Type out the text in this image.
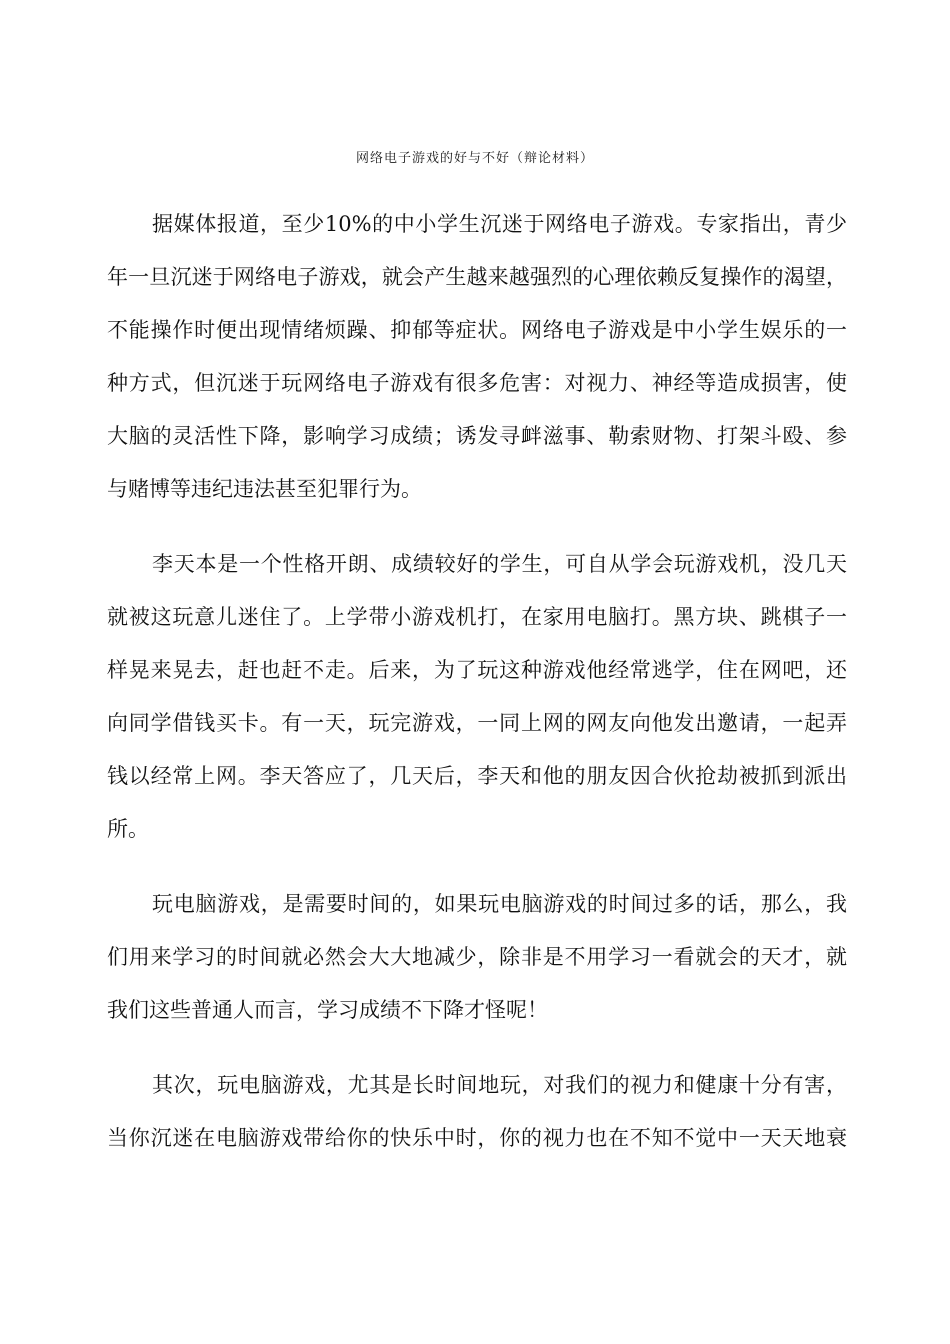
网络电子游戏的好与不好（辩论材料）
据媒体报道，至少10%的中小学生沉迷于网络电子游戏。专家指出，青少
年一旦沉迷于网络电子游戏，就会产生越来越强烈的心理依赖反复操作的渴望，
不能操作时便出现情绪烦躁、抑郁等症状。网络电子游戏是中小学生娱乐的一
种方式，但沉迷于玩网络电子游戏有很多危害：对视力、神经等造成损害，使
大脑的灵活性下降，影响学习成绩；诱发寻衅滋事、勒索财物、打架斗殴、参
与赌博等违纪违法甚至犯罪行为。
李天本是一个性格开朗、成绩较好的学生，可自从学会玩游戏机，没几天
就被这玩意儿迷住了。上学带小游戏机打，在家用电脑打。黑方块、跳棋子一
样晃来晃去，赶也赶不走。后来，为了玩这种游戏他经常逃学，住在网吧，还
向同学借钱买卡。有一天，玩完游戏，一同上网的网友向他发出邀请，一起弄
钱以经常上网。李天答应了，几天后，李天和他的朋友因合伙抢劫被抓到派出
所。
玩电脑游戏，是需要时间的，如果玩电脑游戏的时间过多的话，那么，我
们用来学习的时间就必然会大大地减少，除非是不用学习一看就会的天才，就
我们这些普通人而言，学习成绩不下降才怪呢！
其次，玩电脑游戏，尤其是长时间地玩，对我们的视力和健康十分有害，
当你沉迷在电脑游戏带给你的快乐中时，你的视力也在不知不觉中一天天地衰
